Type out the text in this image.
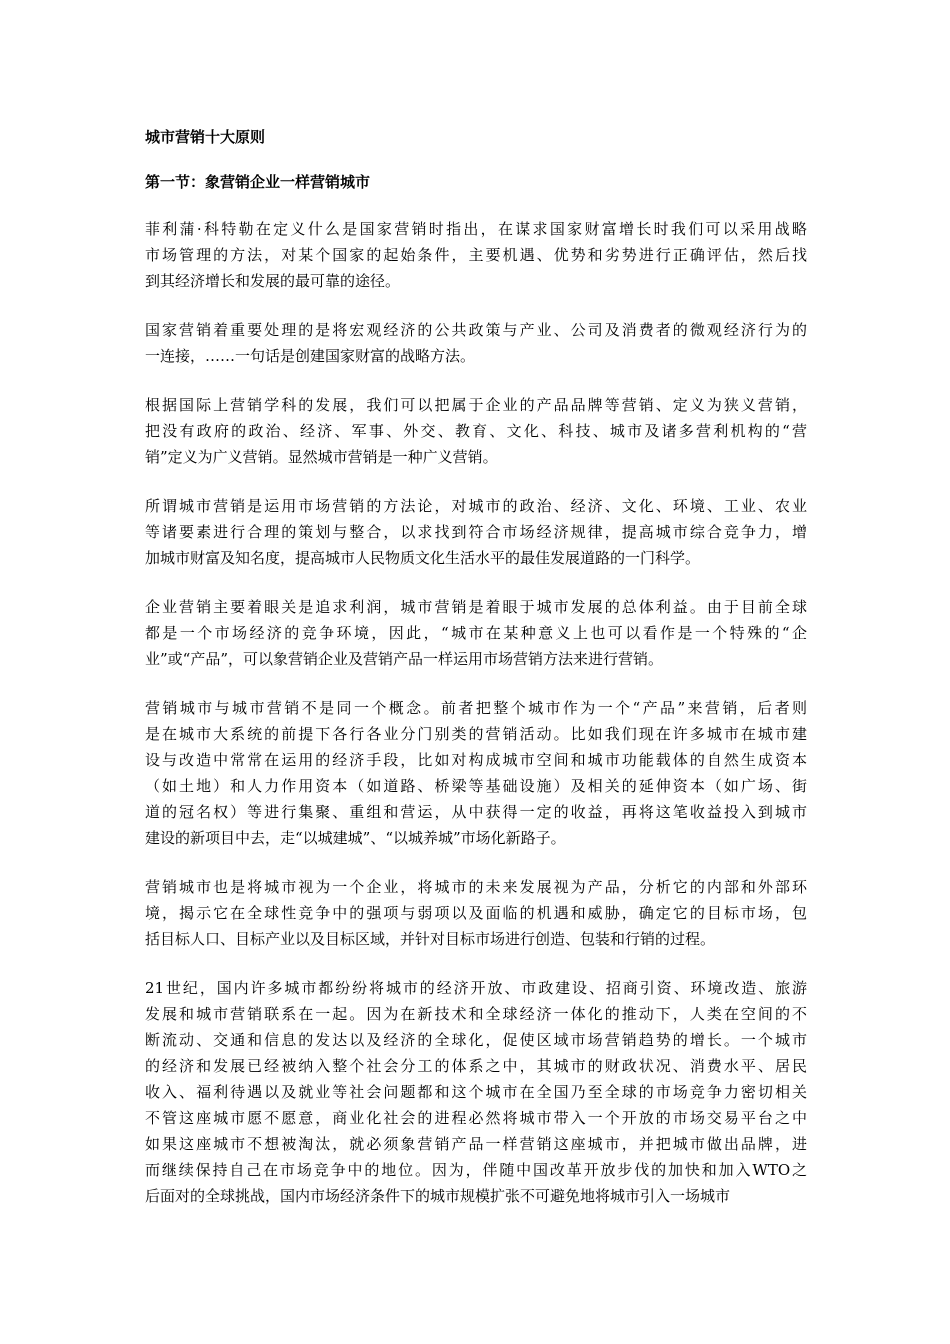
城市营销十大原则
第一节：象营销企业一样营销城市

菲利蒲·科特勒在定义什么是国家营销时指出，在谋求国家财富增长时我们可以采用战略
市场管理的方法，对某个国家的起始条件，主要机遇、优势和劣势进行正确评估，然后找
到其经济增长和发展的最可靠的途径。

国家营销着重要处理的是将宏观经济的公共政策与产业、公司及消费者的微观经济行为的
一连接，……一句话是创建国家财富的战略方法。

根据国际上营销学科的发展，我们可以把属于企业的产品品牌等营销、定义为狭义营销，
把没有政府的政治、经济、军事、外交、教育、文化、科技、城市及诸多营利机构的“营
销”定义为广义营销。显然城市营销是一种广义营销。

所谓城市营销是运用市场营销的方法论，对城市的政治、经济、文化、环境、工业、农业
等诸要素进行合理的策划与整合，以求找到符合市场经济规律，提高城市综合竞争力，增
加城市财富及知名度，提高城市人民物质文化生活水平的最佳发展道路的一门科学。

企业营销主要着眼关是追求利润，城市营销是着眼于城市发展的总体利益。由于目前全球
都是一个市场经济的竞争环境，因此，“城市在某种意义上也可以看作是一个特殊的“企
业”或“产品”，可以象营销企业及营销产品一样运用市场营销方法来进行营销。

营销城市与城市营销不是同一个概念。前者把整个城市作为一个“产品”来营销，后者则
是在城市大系统的前提下各行各业分门别类的营销活动。比如我们现在许多城市在城市建
设与改造中常常在运用的经济手段，比如对构成城市空间和城市功能载体的自然生成资本
（如土地）和人力作用资本（如道路、桥梁等基础设施）及相关的延伸资本（如广场、街
道的冠名权）等进行集聚、重组和营运，从中获得一定的收益，再将这笔收益投入到城市
建设的新项目中去，走“以城建城”、“以城养城”市场化新路子。

营销城市也是将城市视为一个企业，将城市的未来发展视为产品，分析它的内部和外部环
境，揭示它在全球性竞争中的强项与弱项以及面临的机遇和威胁，确定它的目标市场，包
括目标人口、目标产业以及目标区域，并针对目标市场进行创造、包装和行销的过程。

21世纪，国内许多城市都纷纷将城市的经济开放、市政建设、招商引资、环境改造、旅游
发展和城市营销联系在一起。因为在新技术和全球经济一体化的推动下，人类在空间的不
断流动、交通和信息的发达以及经济的全球化，促使区域市场营销趋势的增长。一个城市
的经济和发展已经被纳入整个社会分工的体系之中，其城市的财政状况、消费水平、居民
收入、福利待遇以及就业等社会问题都和这个城市在全国乃至全球的市场竞争力密切相关
不管这座城市愿不愿意，商业化社会的进程必然将城市带入一个开放的市场交易平台之中
如果这座城市不想被淘汰，就必须象营销产品一样营销这座城市，并把城市做出品牌，进
而继续保持自己在市场竞争中的地位。因为，伴随中国改革开放步伐的加快和加入WTO之
后面对的全球挑战，国内市场经济条件下的城市规模扩张不可避免地将城市引入一场城市
